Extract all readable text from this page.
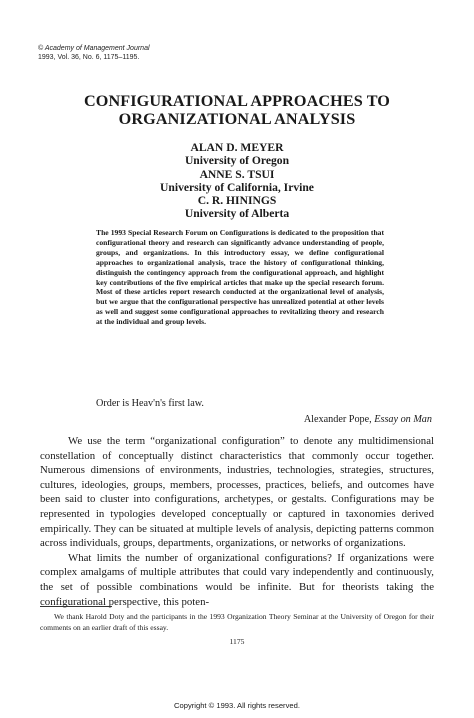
© Academy of Management Journal
1993, Vol. 36, No. 6, 1175–1195.
CONFIGURATIONAL APPROACHES TO
ORGANIZATIONAL ANALYSIS
ALAN D. MEYER
University of Oregon
ANNE S. TSUI
University of California, Irvine
C. R. HININGS
University of Alberta

The 1993 Special Research Forum on Configurations is dedicated to the proposition that configurational theory and research can significantly advance understanding of people, groups, and organizations. In this introductory essay, we define configurational approaches to organizational analysis, trace the history of configurational thinking, distinguish the contingency approach from the configurational approach, and highlight key contributions of the five empirical articles that make up the special research forum. Most of these articles report research conducted at the organizational level of analysis, but we argue that the configurational perspective has unrealized potential at other levels as well and suggest some configurational approaches to revitalizing theory and research at the individual and group levels.

Order is Heav'n's first law.
Alexander Pope, Essay on Man

We use the term “organizational configuration” to denote any multidimensional constellation of conceptually distinct characteristics that commonly occur together. Numerous dimensions of environments, industries, technologies, strategies, structures, cultures, ideologies, groups, members, processes, practices, beliefs, and outcomes have been said to cluster into configurations, archetypes, or gestalts. Configurations may be represented in typologies developed conceptually or captured in taxonomies derived empirically. They can be situated at multiple levels of analysis, depicting patterns common across individuals, groups, departments, organizations, or networks of organizations.

What limits the number of organizational configurations? If organizations were complex amalgams of multiple attributes that could vary independently and continuously, the set of possible combinations would be infinite. But for theorists taking the configurational perspective, this poten-

We thank Harold Doty and the participants in the 1993 Organization Theory Seminar at the University of Oregon for their comments on an earlier draft of this essay.
1175
Copyright © 1993. All rights reserved.
